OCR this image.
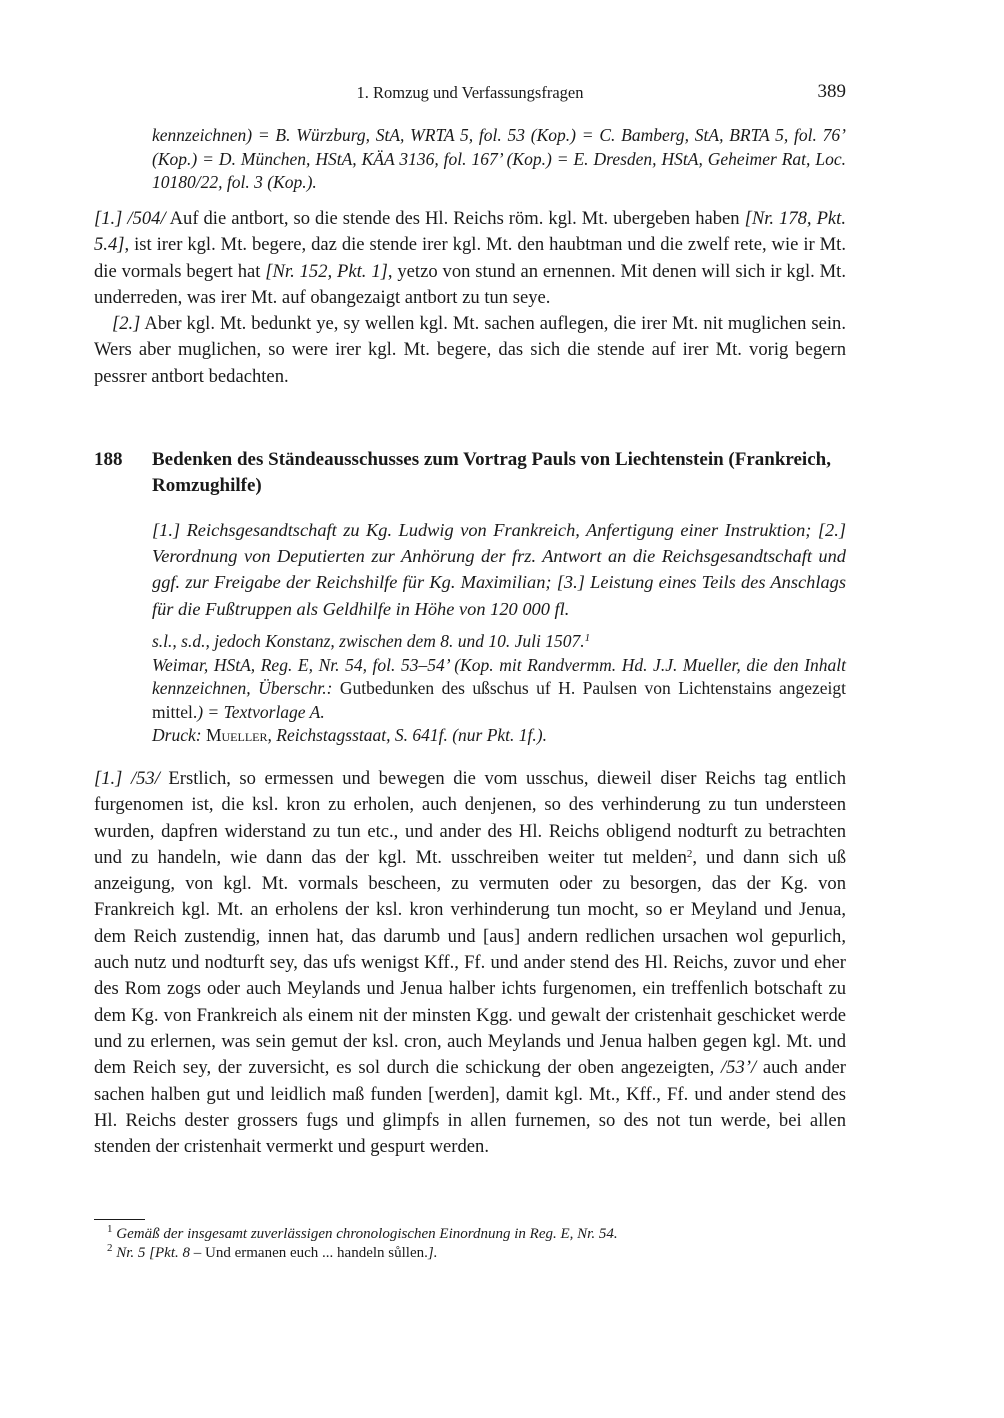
1. Romzug und Verfassungsfragen	389

kennzeichnen) = B. Würzburg, StA, WRTA 5, fol. 53 (Kop.) = C. Bamberg, StA, BRTA 5, fol. 76’ (Kop.) = D. München, HStA, KÄA 3136, fol. 167’ (Kop.) = E. Dresden, HStA, Geheimer Rat, Loc. 10180/22, fol. 3 (Kop.).

[1.] /504/ Auf die antbort, so die stende des Hl. Reichs röm. kgl. Mt. ubergeben haben [Nr. 178, Pkt. 5.4], ist irer kgl. Mt. begere, daz die stende irer kgl. Mt. den haubtman und die zwelf rete, wie ir Mt. die vormals begert hat [Nr. 152, Pkt. 1], yetzo von stund an ernennen. Mit denen will sich ir kgl. Mt. underreden, was irer Mt. auf obangezaigt antbort zu tun seye.

[2.] Aber kgl. Mt. bedunkt ye, sy wellen kgl. Mt. sachen auflegen, die irer Mt. nit muglichen sein. Wers aber muglichen, so were irer kgl. Mt. begere, das sich die stende auf irer Mt. vorig begern pessrer antbort bedachten.

188 Bedenken des Ständeausschusses zum Vortrag Pauls von Liechtenstein (Frankreich, Romzughilfe)

[1.] Reichsgesandtschaft zu Kg. Ludwig von Frankreich, Anfertigung einer Instruktion; [2.] Verordnung von Deputierten zur Anhörung der frz. Antwort an die Reichsgesandtschaft und ggf. zur Freigabe der Reichshilfe für Kg. Maximilian; [3.] Leistung eines Teils des Anschlags für die Fußtruppen als Geldhilfe in Höhe von 120 000 fl.

s.l., s.d., jedoch Konstanz, zwischen dem 8. und 10. Juli 1507.$^1$

Weimar, HStA, Reg. E, Nr. 54, fol. 53–54’ (Kop. mit Randvermm. Hd. J.J. Mueller, die den Inhalt kennzeichnen, Überschr.: Gutbedunken des ußschus uf H. Paulsen von Lichtenstains angezeigt mittel.) = Textvorlage A.

Druck: Mueller, Reichstagsstaat, S. 641f. (nur Pkt. 1f.).

[1.] /53/ Erstlich, so ermessen und bewegen die vom usschus, dieweil diser Reichs tag entlich furgenomen ist, die ksl. kron zu erholen, auch denjenen, so des verhinderung zu tun understeen wurden, dapfren widerstand zu tun etc., und ander des Hl. Reichs obligend nodturft zu betrachten und zu handeln, wie dann das der kgl. Mt. usschreiben weiter tut melden$^2$, und dann sich uß anzeigung, von kgl. Mt. vormals bescheen, zu vermuten oder zu besorgen, das der Kg. von Frankreich kgl. Mt. an erholens der ksl. kron verhinderung tun mocht, so er Meyland und Jenua, dem Reich zustendig, innen hat, das darumb und [aus] andern redlichen ursachen wol gepurlich, auch nutz und nodturft sey, das ufs wenigst Kff., Ff. und ander stend des Hl. Reichs, zuvor und eher des Rom zogs oder auch Meylands und Jenua halber ichts furgenomen, ein treffenlich botschaft zu dem Kg. von Frankreich als einem nit der minsten Kgg. und gewalt der cristenhait geschicket werde und zu erlernen, was sein gemut der ksl. cron, auch Meylands und Jenua halben gegen kgl. Mt. und dem Reich sey, der zuversicht, es sol durch die schickung der oben angezeigten, /53’/ auch ander sachen halben gut und leidlich maß funden [werden], damit kgl. Mt., Kff., Ff. und ander stend des Hl. Reichs dester grossers fugs und glimpfs in allen furnemen, so des not tun werde, bei allen stenden der cristenhait vermerkt und gespurt werden.

$^1$ Gemäß der insgesamt zuverlässigen chronologischen Einordnung in Reg. E, Nr. 54.

$^2$ Nr. 5 [Pkt. 8 – Und ermanen euch ... handeln sůllen.].
